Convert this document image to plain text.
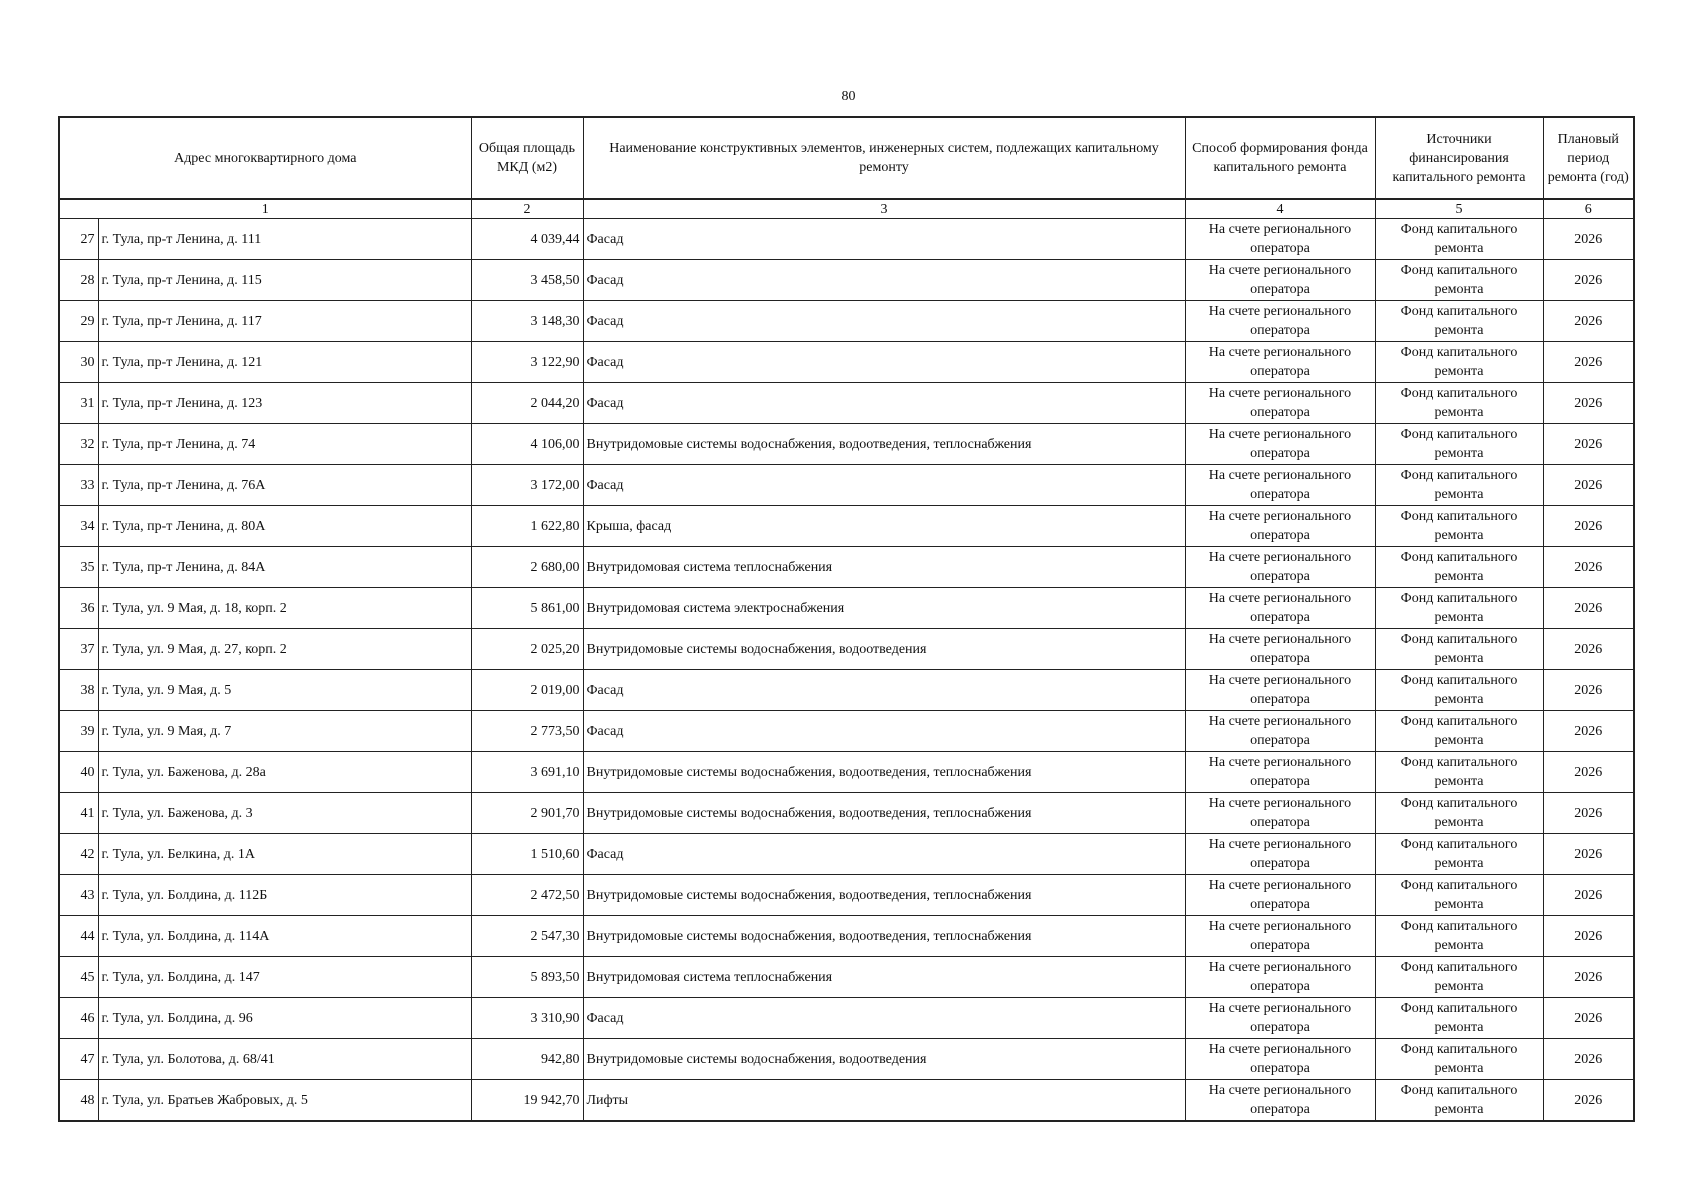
80
Адрес многоквартирного дома		Общая площадь МКД (м2)	Наименование конструктивных элементов, инженерных систем, подлежащих капитальному ремонту	Способ формирования фонда капитального ремонта	Источники финансирования капитального ремонта	Плановый период ремонта (год)
1		2	3	4	5	6
27	г. Тула, пр-т Ленина, д. 111	4 039,44	Фасад	На счете регионального оператора	Фонд капитального ремонта	2026
28	г. Тула, пр-т Ленина, д. 115	3 458,50	Фасад	На счете регионального оператора	Фонд капитального ремонта	2026
29	г. Тула, пр-т Ленина, д. 117	3 148,30	Фасад	На счете регионального оператора	Фонд капитального ремонта	2026
30	г. Тула, пр-т Ленина, д. 121	3 122,90	Фасад	На счете регионального оператора	Фонд капитального ремонта	2026
31	г. Тула, пр-т Ленина, д. 123	2 044,20	Фасад	На счете регионального оператора	Фонд капитального ремонта	2026
32	г. Тула, пр-т Ленина, д. 74	4 106,00	Внутридомовые системы водоснабжения, водоотведения, теплоснабжения	На счете регионального оператора	Фонд капитального ремонта	2026
33	г. Тула, пр-т Ленина, д. 76А	3 172,00	Фасад	На счете регионального оператора	Фонд капитального ремонта	2026
34	г. Тула, пр-т Ленина, д. 80А	1 622,80	Крыша, фасад	На счете регионального оператора	Фонд капитального ремонта	2026
35	г. Тула, пр-т Ленина, д. 84А	2 680,00	Внутридомовая система теплоснабжения	На счете регионального оператора	Фонд капитального ремонта	2026
36	г. Тула, ул. 9 Мая, д. 18, корп. 2	5 861,00	Внутридомовая система электроснабжения	На счете регионального оператора	Фонд капитального ремонта	2026
37	г. Тула, ул. 9 Мая, д. 27, корп. 2	2 025,20	Внутридомовые системы водоснабжения, водоотведения	На счете регионального оператора	Фонд капитального ремонта	2026
38	г. Тула, ул. 9 Мая, д. 5	2 019,00	Фасад	На счете регионального оператора	Фонд капитального ремонта	2026
39	г. Тула, ул. 9 Мая, д. 7	2 773,50	Фасад	На счете регионального оператора	Фонд капитального ремонта	2026
40	г. Тула, ул. Баженова, д. 28а	3 691,10	Внутридомовые системы водоснабжения, водоотведения, теплоснабжения	На счете регионального оператора	Фонд капитального ремонта	2026
41	г. Тула, ул. Баженова, д. 3	2 901,70	Внутридомовые системы водоснабжения, водоотведения, теплоснабжения	На счете регионального оператора	Фонд капитального ремонта	2026
42	г. Тула, ул. Белкина, д. 1А	1 510,60	Фасад	На счете регионального оператора	Фонд капитального ремонта	2026
43	г. Тула, ул. Болдина, д. 112Б	2 472,50	Внутридомовые системы водоснабжения, водоотведения, теплоснабжения	На счете регионального оператора	Фонд капитального ремонта	2026
44	г. Тула, ул. Болдина, д. 114А	2 547,30	Внутридомовые системы водоснабжения, водоотведения, теплоснабжения	На счете регионального оператора	Фонд капитального ремонта	2026
45	г. Тула, ул. Болдина, д. 147	5 893,50	Внутридомовая система теплоснабжения	На счете регионального оператора	Фонд капитального ремонта	2026
46	г. Тула, ул. Болдина, д. 96	3 310,90	Фасад	На счете регионального оператора	Фонд капитального ремонта	2026
47	г. Тула, ул. Болотова, д. 68/41	942,80	Внутридомовые системы водоснабжения, водоотведения	На счете регионального оператора	Фонд капитального ремонта	2026
48	г. Тула, ул. Братьев Жабровых, д. 5	19 942,70	Лифты	На счете регионального оператора	Фонд капитального ремонта	2026
